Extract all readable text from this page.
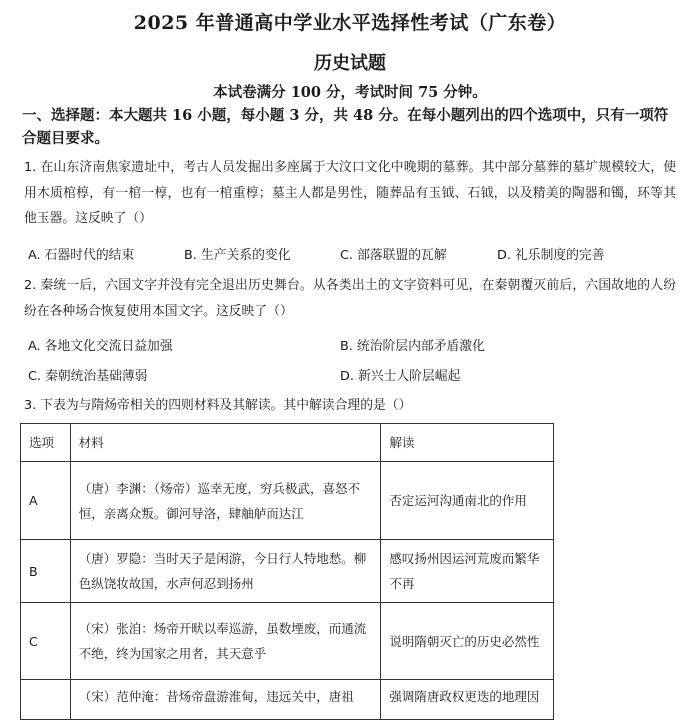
2025 年普通高中学业水平选择性考试（广东卷）
历史试题
本试卷满分 100 分，考试时间 75 分钟。
一、选择题：本大题共 16 小题，每小题 3 分，共 48 分。在每小题列出的四个选项中，只有一项符合题目要求。
1. 在山东济南焦家遗址中，考古人员发掘出多座属于大汶口文化中晚期的墓葬。其中部分墓葬的墓圹规模较大，使用木质棺椁，有一棺一椁，也有一棺重椁；墓主人都是男性，随葬品有玉钺、石钺，以及精美的陶器和镯，环等其他玉器。这反映了（）
A. 石器时代的结束	B. 生产关系的变化	C. 部落联盟的瓦解	D. 礼乐制度的完善
2. 秦统一后，六国文字并没有完全退出历史舞台。从各类出土的文字资料可见，在秦朝覆灭前后，六国故地的人纷纷在各种场合恢复使用本国文字。这反映了（）
A. 各地文化交流日益加强	B. 统治阶层内部矛盾激化
C. 秦朝统治基础薄弱	D. 新兴士人阶层崛起
3. 下表为与隋炀帝相关的四则材料及其解读。其中解读合理的是（）
选项	材料	解读
A	（唐）李渊：（炀帝）巡幸无度，穷兵极武，喜怒不恒，亲离众叛。御河导洛，肆舳舻而达江	否定运河沟通南北的作用
B	（唐）罗隐：当时天子是闲游，今日行人特地愁。柳色纵饶妆故国，水声何忍到扬州	感叹扬州因运河荒废而繁华不再
C	（宋）张洎：炀帝开畎以奉巡游，虽数堙废，而通流不绝，终为国家之用者，其天意乎	说明隋朝灭亡的历史必然性
	（宋）范仲淹：昔炀帝盘游淮甸，违远关中，唐祖	强调隋唐政权更迭的地理因
